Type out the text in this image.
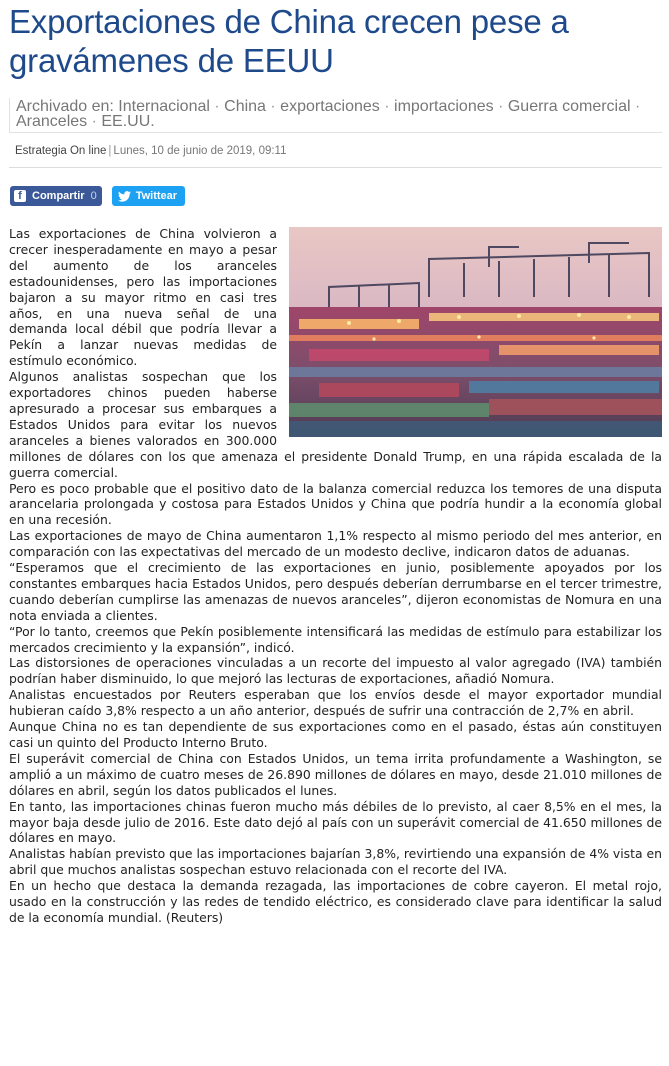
Exportaciones de China crecen pese a gravámenes de EEUU
Archivado en: Internacional · China · exportaciones · importaciones · Guerra comercial · Aranceles · EE.UU.
Estrategia On line | Lunes, 10 de junio de 2019, 09:11
f Compartir 0	Twittear

Las exportaciones de China volvieron a crecer inesperadamente en mayo a pesar del aumento de los aranceles estadounidenses, pero las importaciones bajaron a su mayor ritmo en casi tres años, en una nueva señal de una demanda local débil que podría llevar a Pekín a lanzar nuevas medidas de estímulo económico.

Algunos analistas sospechan que los exportadores chinos pueden haberse apresurado a procesar sus embarques a Estados Unidos para evitar los nuevos aranceles a bienes valorados en 300.000 millones de dólares con los que amenaza el presidente Donald Trump, en una rápida escalada de la guerra comercial.

Pero es poco probable que el positivo dato de la balanza comercial reduzca los temores de una disputa arancelaria prolongada y costosa para Estados Unidos y China que podría hundir a la economía global en una recesión.

Las exportaciones de mayo de China aumentaron 1,1% respecto al mismo periodo del mes anterior, en comparación con las expectativas del mercado de un modesto declive, indicaron datos de aduanas.

“Esperamos que el crecimiento de las exportaciones en junio, posiblemente apoyados por los constantes embarques hacia Estados Unidos, pero después deberían derrumbarse en el tercer trimestre, cuando deberían cumplirse las amenazas de nuevos aranceles”, dijeron economistas de Nomura en una nota enviada a clientes.

“Por lo tanto, creemos que Pekín posiblemente intensificará las medidas de estímulo para estabilizar los mercados crecimiento y la expansión”, indicó.

Las distorsiones de operaciones vinculadas a un recorte del impuesto al valor agregado (IVA) también podrían haber disminuido, lo que mejoró las lecturas de exportaciones, añadió Nomura.

Analistas encuestados por Reuters esperaban que los envíos desde el mayor exportador mundial hubieran caído 3,8% respecto a un año anterior, después de sufrir una contracción de 2,7% en abril.

Aunque China no es tan dependiente de sus exportaciones como en el pasado, éstas aún constituyen casi un quinto del Producto Interno Bruto.

El superávit comercial de China con Estados Unidos, un tema irrita profundamente a Washington, se amplió a un máximo de cuatro meses de 26.890 millones de dólares en mayo, desde 21.010 millones de dólares en abril, según los datos publicados el lunes.

En tanto, las importaciones chinas fueron mucho más débiles de lo previsto, al caer 8,5% en el mes, la mayor baja desde julio de 2016. Este dato dejó al país con un superávit comercial de 41.650 millones de dólares en mayo.

Analistas habían previsto que las importaciones bajarían 3,8%, revirtiendo una expansión de 4% vista en abril que muchos analistas sospechan estuvo relacionada con el recorte del IVA.

En un hecho que destaca la demanda rezagada, las importaciones de cobre cayeron. El metal rojo, usado en la construcción y las redes de tendido eléctrico, es considerado clave para identificar la salud de la economía mundial. (Reuters)
